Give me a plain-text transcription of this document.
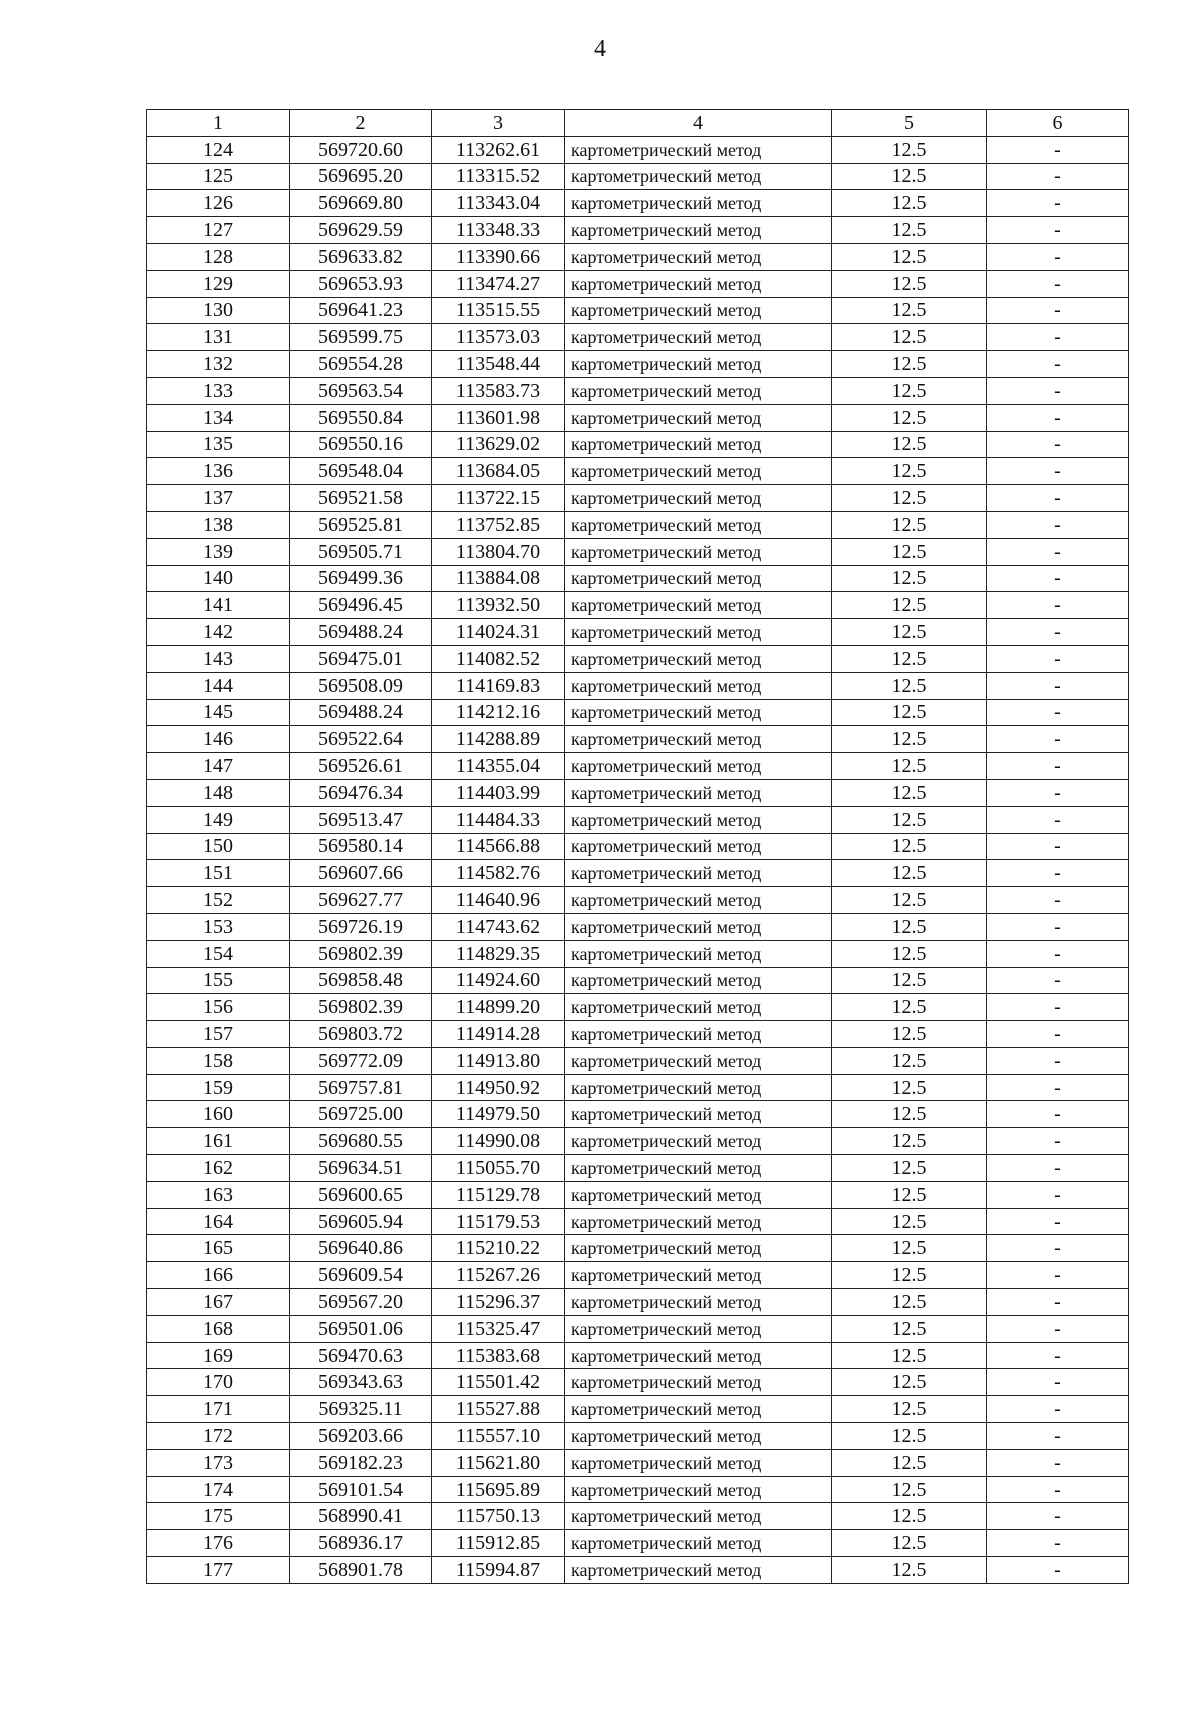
4
1	2	3	4	5	6
124	569720.60	113262.61	картометрический метод	12.5	-
125	569695.20	113315.52	картометрический метод	12.5	-
126	569669.80	113343.04	картометрический метод	12.5	-
127	569629.59	113348.33	картометрический метод	12.5	-
128	569633.82	113390.66	картометрический метод	12.5	-
129	569653.93	113474.27	картометрический метод	12.5	-
130	569641.23	113515.55	картометрический метод	12.5	-
131	569599.75	113573.03	картометрический метод	12.5	-
132	569554.28	113548.44	картометрический метод	12.5	-
133	569563.54	113583.73	картометрический метод	12.5	-
134	569550.84	113601.98	картометрический метод	12.5	-
135	569550.16	113629.02	картометрический метод	12.5	-
136	569548.04	113684.05	картометрический метод	12.5	-
137	569521.58	113722.15	картометрический метод	12.5	-
138	569525.81	113752.85	картометрический метод	12.5	-
139	569505.71	113804.70	картометрический метод	12.5	-
140	569499.36	113884.08	картометрический метод	12.5	-
141	569496.45	113932.50	картометрический метод	12.5	-
142	569488.24	114024.31	картометрический метод	12.5	-
143	569475.01	114082.52	картометрический метод	12.5	-
144	569508.09	114169.83	картометрический метод	12.5	-
145	569488.24	114212.16	картометрический метод	12.5	-
146	569522.64	114288.89	картометрический метод	12.5	-
147	569526.61	114355.04	картометрический метод	12.5	-
148	569476.34	114403.99	картометрический метод	12.5	-
149	569513.47	114484.33	картометрический метод	12.5	-
150	569580.14	114566.88	картометрический метод	12.5	-
151	569607.66	114582.76	картометрический метод	12.5	-
152	569627.77	114640.96	картометрический метод	12.5	-
153	569726.19	114743.62	картометрический метод	12.5	-
154	569802.39	114829.35	картометрический метод	12.5	-
155	569858.48	114924.60	картометрический метод	12.5	-
156	569802.39	114899.20	картометрический метод	12.5	-
157	569803.72	114914.28	картометрический метод	12.5	-
158	569772.09	114913.80	картометрический метод	12.5	-
159	569757.81	114950.92	картометрический метод	12.5	-
160	569725.00	114979.50	картометрический метод	12.5	-
161	569680.55	114990.08	картометрический метод	12.5	-
162	569634.51	115055.70	картометрический метод	12.5	-
163	569600.65	115129.78	картометрический метод	12.5	-
164	569605.94	115179.53	картометрический метод	12.5	-
165	569640.86	115210.22	картометрический метод	12.5	-
166	569609.54	115267.26	картометрический метод	12.5	-
167	569567.20	115296.37	картометрический метод	12.5	-
168	569501.06	115325.47	картометрический метод	12.5	-
169	569470.63	115383.68	картометрический метод	12.5	-
170	569343.63	115501.42	картометрический метод	12.5	-
171	569325.11	115527.88	картометрический метод	12.5	-
172	569203.66	115557.10	картометрический метод	12.5	-
173	569182.23	115621.80	картометрический метод	12.5	-
174	569101.54	115695.89	картометрический метод	12.5	-
175	568990.41	115750.13	картометрический метод	12.5	-
176	568936.17	115912.85	картометрический метод	12.5	-
177	568901.78	115994.87	картометрический метод	12.5	-
